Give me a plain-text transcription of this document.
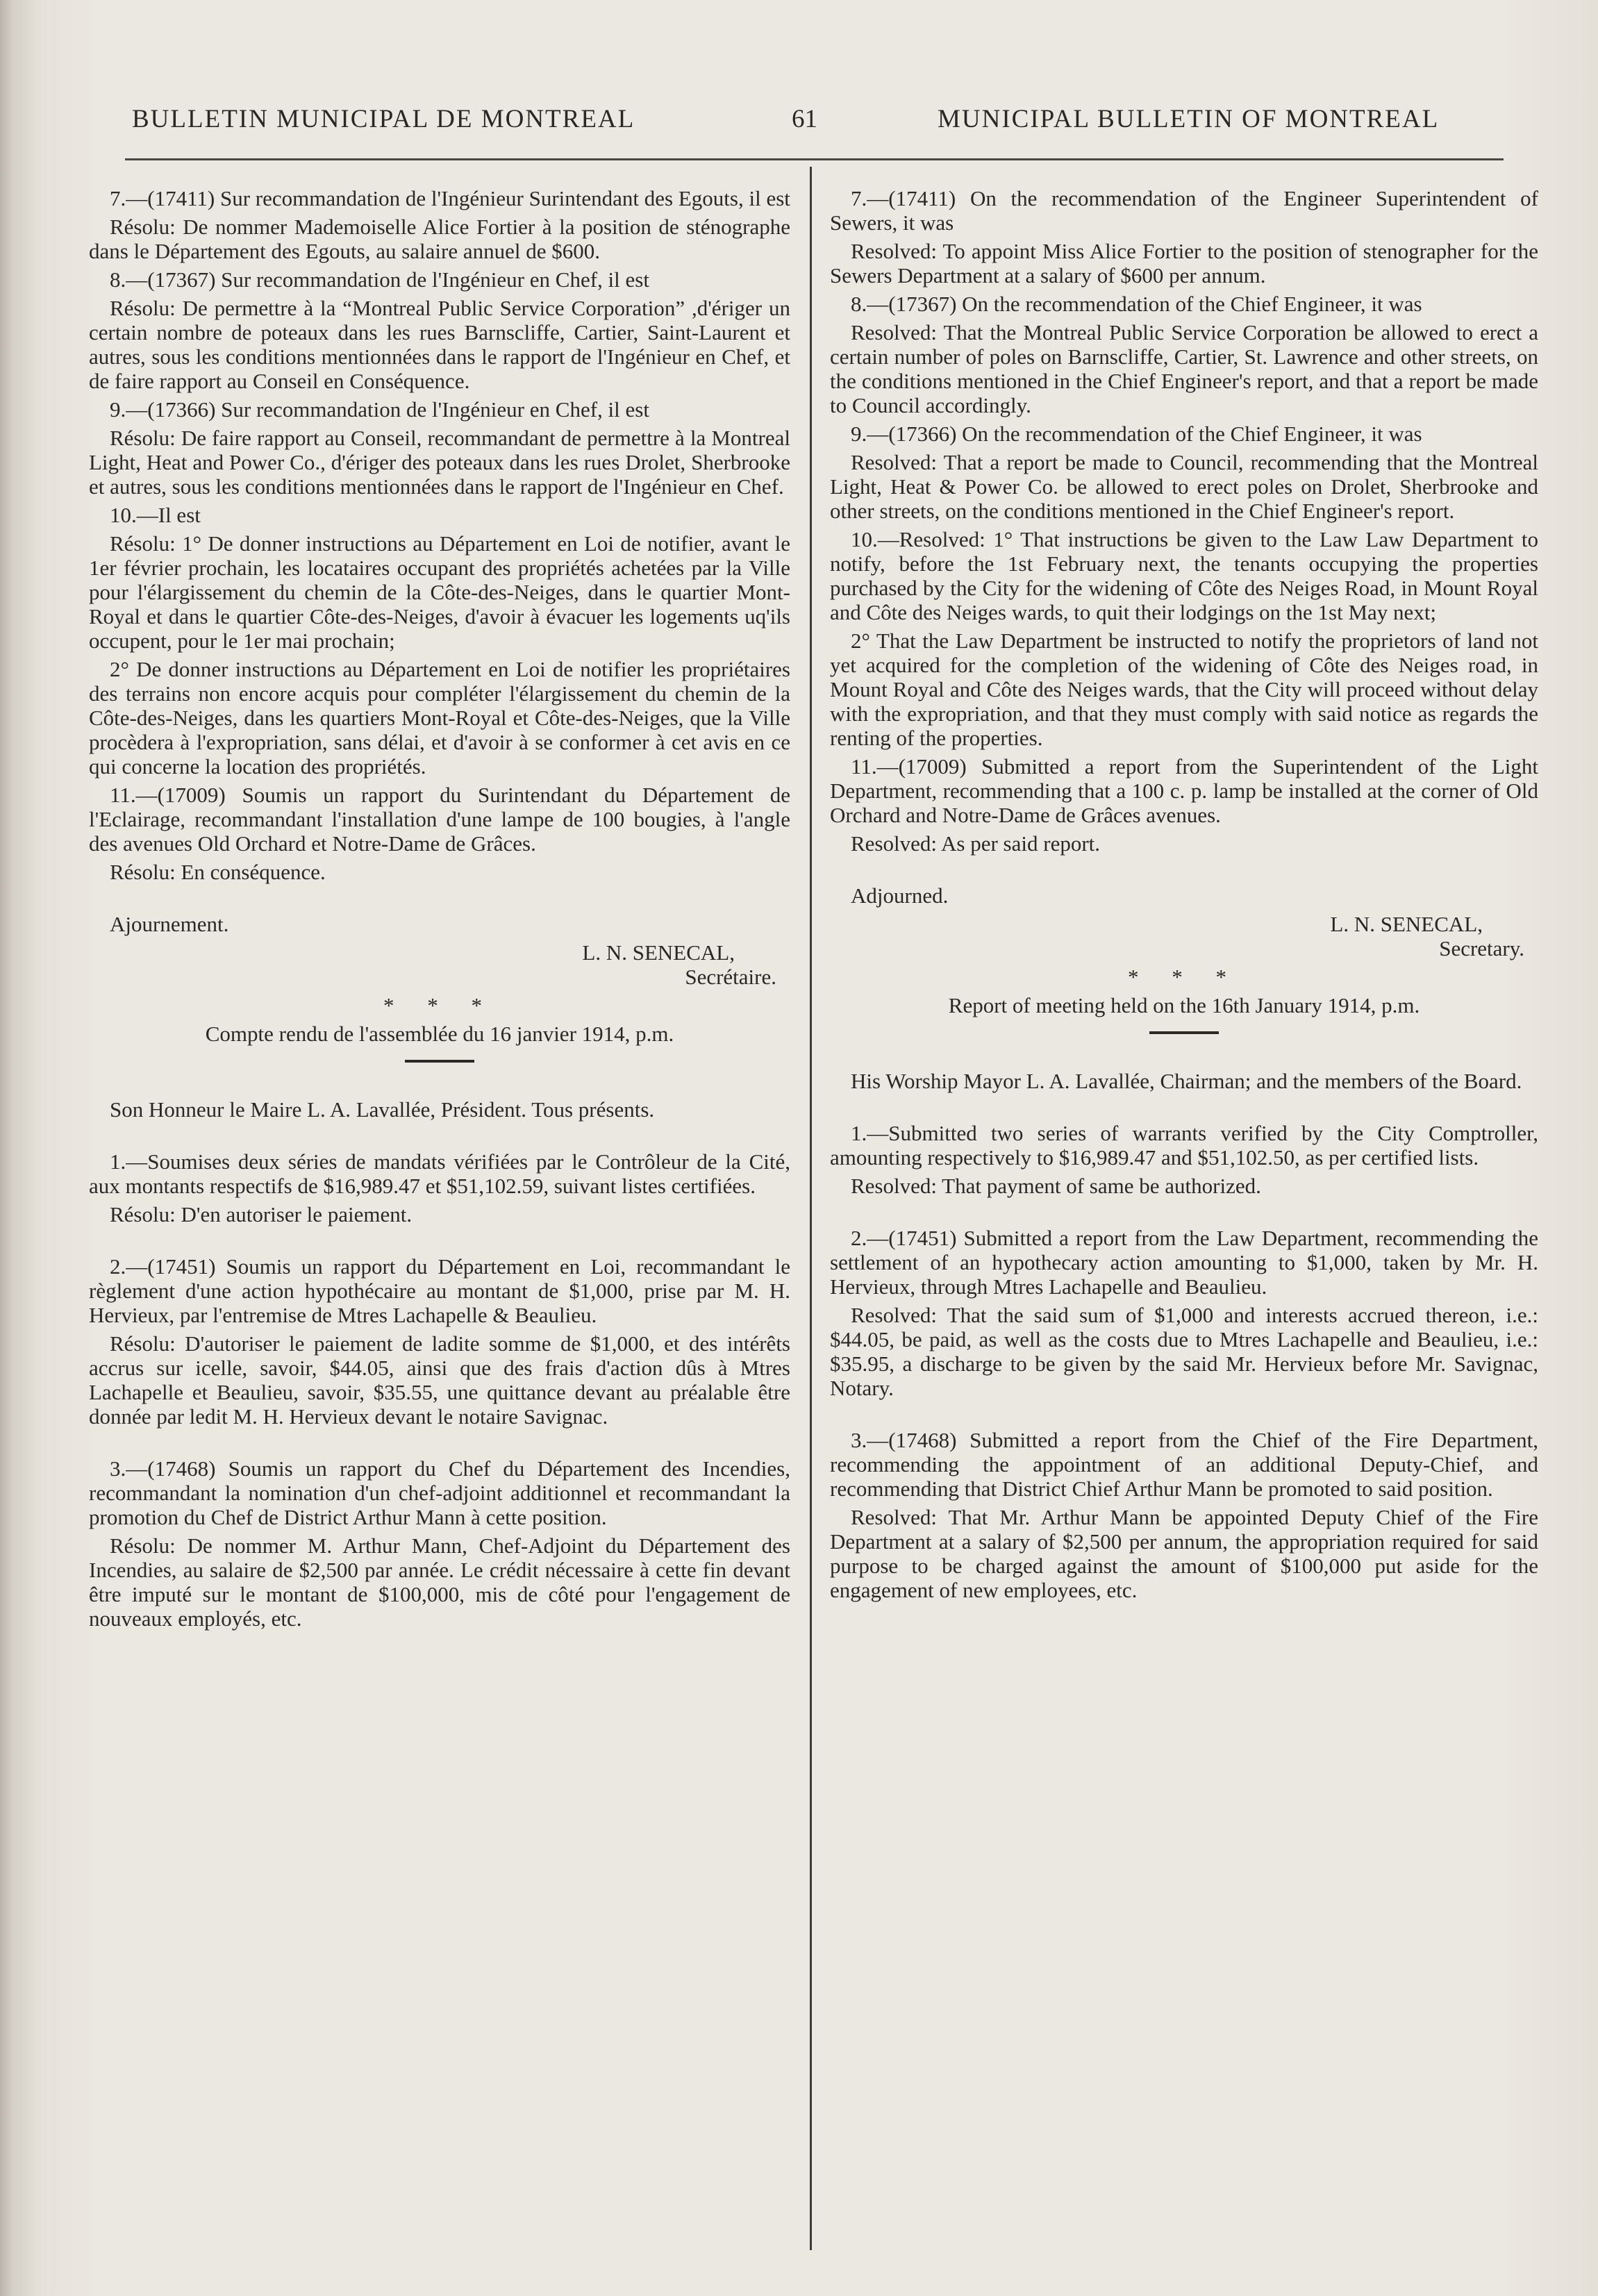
BULLETIN MUNICIPAL DE MONTREAL	61	MUNICIPAL BULLETIN OF MONTREAL

7.—(17411) Sur recommandation de l'Ingénieur Surintendant des Egouts, il est

Résolu: De nommer Mademoiselle Alice Fortier à la position de sténographe dans le Département des Egouts, au salaire annuel de $600.

8.—(17367) Sur recommandation de l'Ingénieur en Chef, il est

Résolu: De permettre à la “Montreal Public Service Corporation” ,d'ériger un certain nombre de poteaux dans les rues Barnscliffe, Cartier, Saint-Laurent et autres, sous les conditions mentionnées dans le rapport de l'Ingénieur en Chef, et de faire rapport au Conseil en Conséquence.

9.—(17366) Sur recommandation de l'Ingénieur en Chef, il est

Résolu: De faire rapport au Conseil, recommandant de permettre à la Montreal Light, Heat and Power Co., d'ériger des poteaux dans les rues Drolet, Sherbrooke et autres, sous les conditions mentionnées dans le rapport de l'Ingénieur en Chef.

10.—Il est

Résolu: 1° De donner instructions au Département en Loi de notifier, avant le 1er février prochain, les locataires occupant des propriétés achetées par la Ville pour l'élargissement du chemin de la Côte-des-Neiges, dans le quartier Mont-Royal et dans le quartier Côte-des-Neiges, d'avoir à évacuer les logements uq'ils occupent, pour le 1er mai prochain;

2° De donner instructions au Département en Loi de notifier les propriétaires des terrains non encore acquis pour compléter l'élargissement du chemin de la Côte-des-Neiges, dans les quartiers Mont-Royal et Côte-des-Neiges, que la Ville procèdera à l'expropriation, sans délai, et d'avoir à se conformer à cet avis en ce qui concerne la location des propriétés.

11.—(17009) Soumis un rapport du Surintendant du Département de l'Eclairage, recommandant l'installation d'une lampe de 100 bougies, à l'angle des avenues Old Orchard et Notre-Dame de Grâces.

Résolu: En conséquence.

Ajournement.

L. N. SENECAL,
Secrétaire.

* * *

Compte rendu de l'assemblée du 16 janvier 1914, p.m.

Son Honneur le Maire L. A. Lavallée, Président. Tous présents.

1.—Soumises deux séries de mandats vérifiées par le Contrôleur de la Cité, aux montants respectifs de $16,989.47 et $51,102.59, suivant listes certifiées.

Résolu: D'en autoriser le paiement.

2.—(17451) Soumis un rapport du Département en Loi, recommandant le règlement d'une action hypothécaire au montant de $1,000, prise par M. H. Hervieux, par l'entremise de Mtres Lachapelle & Beaulieu.

Résolu: D'autoriser le paiement de ladite somme de $1,000, et des intérêts accrus sur icelle, savoir, $44.05, ainsi que des frais d'action dûs à Mtres Lachapelle et Beaulieu, savoir, $35.55, une quittance devant au préalable être donnée par ledit M. H. Hervieux devant le notaire Savignac.

3.—(17468) Soumis un rapport du Chef du Département des Incendies, recommandant la nomination d'un chef-adjoint additionnel et recommandant la promotion du Chef de District Arthur Mann à cette position.

Résolu: De nommer M. Arthur Mann, Chef-Adjoint du Département des Incendies, au salaire de $2,500 par année. Le crédit nécessaire à cette fin devant être imputé sur le montant de $100,000, mis de côté pour l'engagement de nouveaux employés, etc.

7.—(17411) On the recommendation of the Engineer Superintendent of Sewers, it was

Resolved: To appoint Miss Alice Fortier to the position of stenographer for the Sewers Department at a salary of $600 per annum.

8.—(17367) On the recommendation of the Chief Engineer, it was

Resolved: That the Montreal Public Service Corporation be allowed to erect a certain number of poles on Barnscliffe, Cartier, St. Lawrence and other streets, on the conditions mentioned in the Chief Engineer's report, and that a report be made to Council accordingly.

9.—(17366) On the recommendation of the Chief Engineer, it was

Resolved: That a report be made to Council, recommending that the Montreal Light, Heat & Power Co. be allowed to erect poles on Drolet, Sherbrooke and other streets, on the conditions mentioned in the Chief Engineer's report.

10.—Resolved: 1° That instructions be given to the Law Law Department to notify, before the 1st February next, the tenants occupying the properties purchased by the City for the widening of Côte des Neiges Road, in Mount Royal and Côte des Neiges wards, to quit their lodgings on the 1st May next;

2° That the Law Department be instructed to notify the proprietors of land not yet acquired for the completion of the widening of Côte des Neiges road, in Mount Royal and Côte des Neiges wards, that the City will proceed without delay with the expropriation, and that they must comply with said notice as regards the renting of the properties.

11.—(17009) Submitted a report from the Superintendent of the Light Department, recommending that a 100 c. p. lamp be installed at the corner of Old Orchard and Notre-Dame de Grâces avenues.

Resolved: As per said report.

Adjourned.

L. N. SENECAL,
Secretary.

* * *

Report of meeting held on the 16th January 1914, p.m.

His Worship Mayor L. A. Lavallée, Chairman; and the members of the Board.

1.—Submitted two series of warrants verified by the City Comptroller, amounting respectively to $16,989.47 and $51,102.50, as per certified lists.

Resolved: That payment of same be authorized.

2.—(17451) Submitted a report from the Law Department, recommending the settlement of an hypothecary action amounting to $1,000, taken by Mr. H. Hervieux, through Mtres Lachapelle and Beaulieu.

Resolved: That the said sum of $1,000 and interests accrued thereon, i.e.: $44.05, be paid, as well as the costs due to Mtres Lachapelle and Beaulieu, i.e.: $35.95, a discharge to be given by the said Mr. Hervieux before Mr. Savignac, Notary.

3.—(17468) Submitted a report from the Chief of the Fire Department, recommending the appointment of an additional Deputy-Chief, and recommending that District Chief Arthur Mann be promoted to said position.

Resolved: That Mr. Arthur Mann be appointed Deputy Chief of the Fire Department at a salary of $2,500 per annum, the appropriation required for said purpose to be charged against the amount of $100,000 put aside for the engagement of new employees, etc.
